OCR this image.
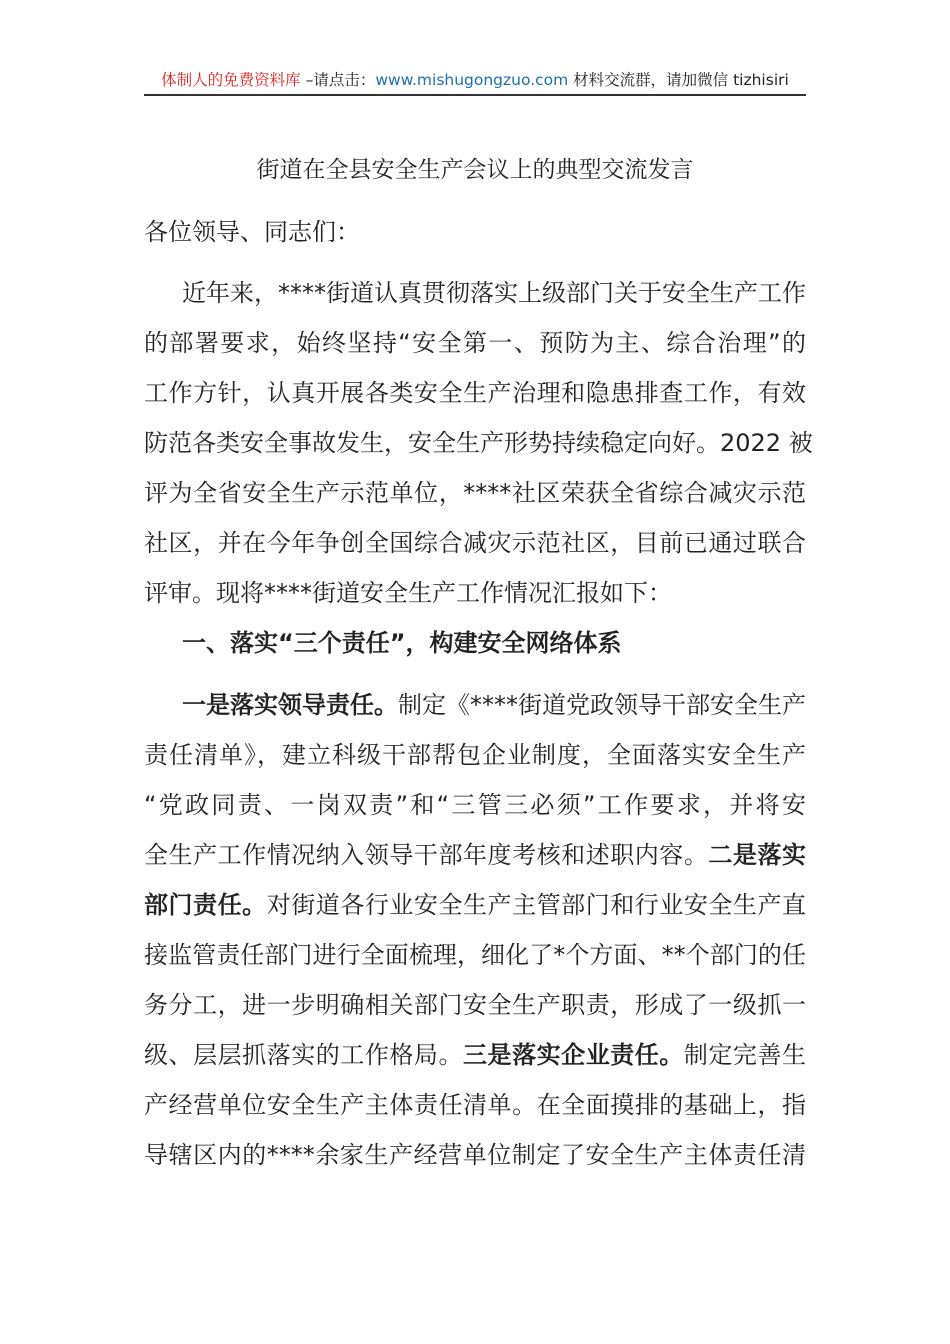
体制人的免费资料库 –请点击：www.mishugongzuo.com 材料交流群，请加微信 tizhisiri
街道在全县安全生产会议上的典型交流发言
各位领导、同志们：
近年来，****街道认真贯彻落实上级部门关于安全生产工作
的部署要求，始终坚持“安全第一、预防为主、综合治理”的
工作方针，认真开展各类安全生产治理和隐患排查工作，有效
防范各类安全事故发生，安全生产形势持续稳定向好。2022 被
评为全省安全生产示范单位，****社区荣获全省综合减灾示范
社区，并在今年争创全国综合减灾示范社区，目前已通过联合
评审。现将****街道安全生产工作情况汇报如下：
一、落实“三个责任”，构建安全网络体系
一是落实领导责任。制定《****街道党政领导干部安全生产
责任清单》，建立科级干部帮包企业制度，全面落实安全生产
“党政同责、一岗双责”和“三管三必须”工作要求，并将安
全生产工作情况纳入领导干部年度考核和述职内容。二是落实
部门责任。对街道各行业安全生产主管部门和行业安全生产直
接监管责任部门进行全面梳理，细化了*个方面、**个部门的任
务分工，进一步明确相关部门安全生产职责，形成了一级抓一
级、层层抓落实的工作格局。三是落实企业责任。制定完善生
产经营单位安全生产主体责任清单。在全面摸排的基础上，指
导辖区内的****余家生产经营单位制定了安全生产主体责任清
